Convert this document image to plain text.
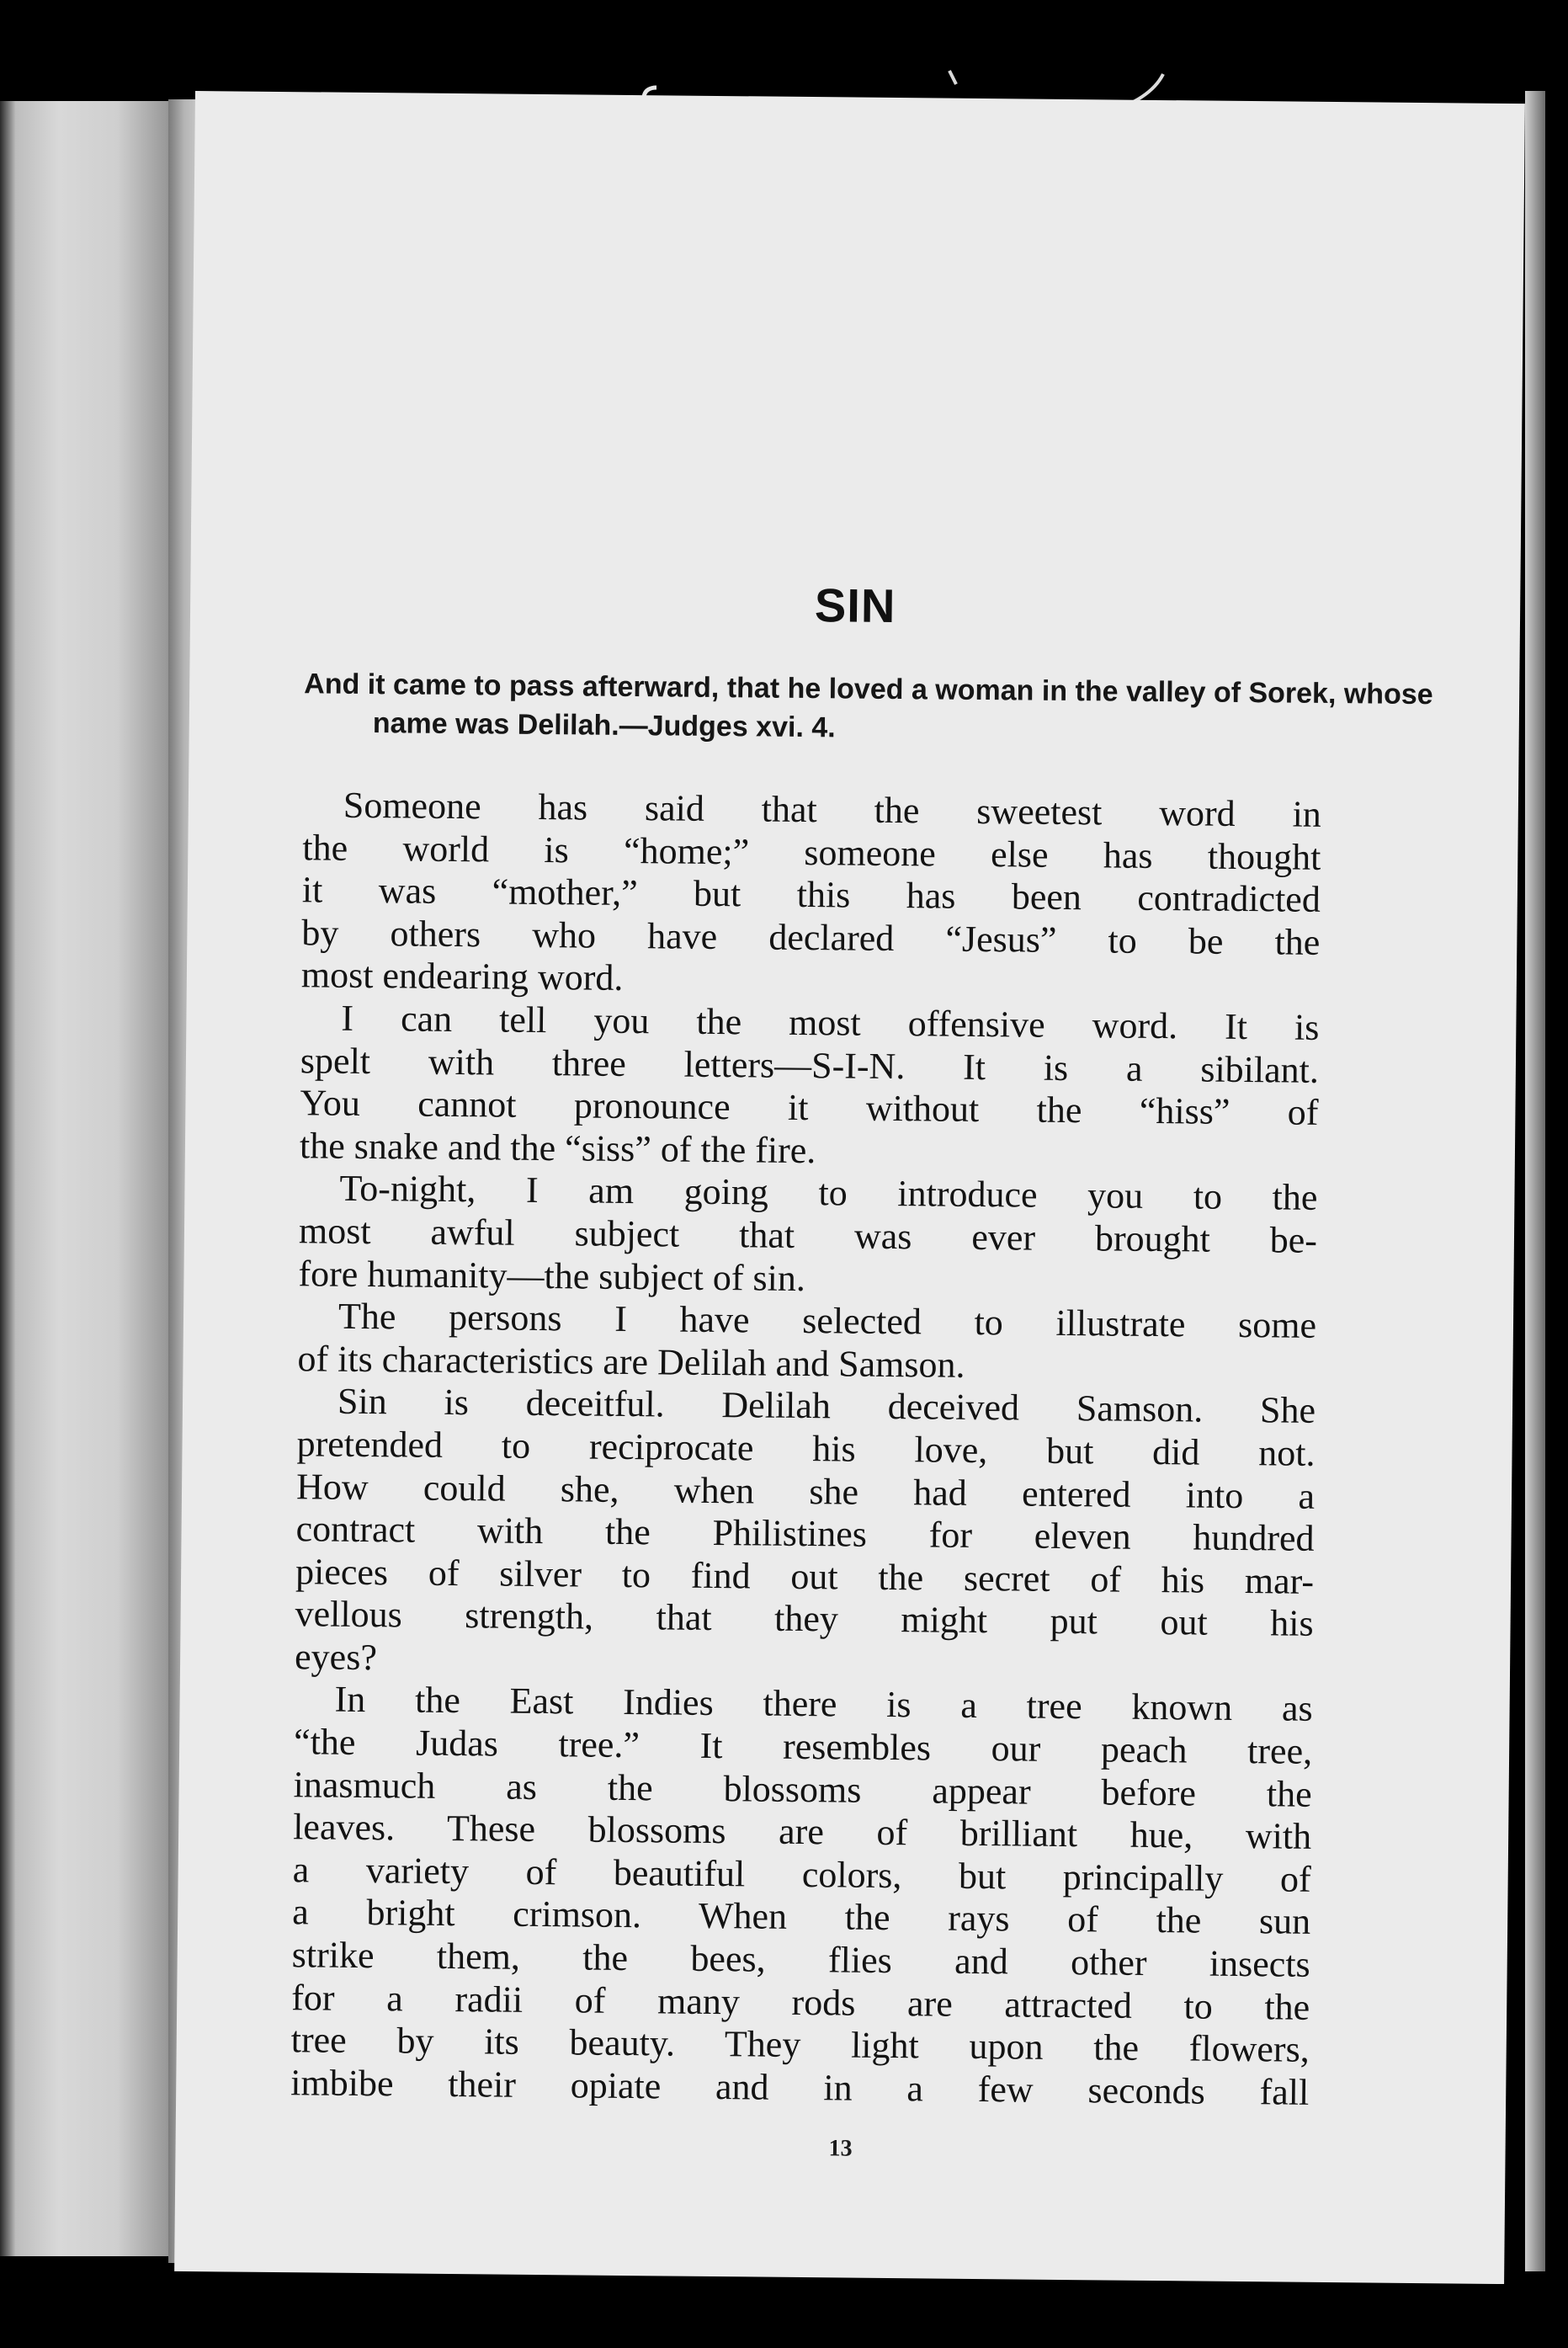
SIN

And it came to pass afterward, that he loved a woman in the valley of Sorek, whose name was Delilah.—Judges xvi. 4.

Someone has said that the sweetest word in
the world is “home;” someone else has thought
it was “mother,” but this has been contradicted
by others who have declared “Jesus” to be the
most endearing word.
I can tell you the most offensive word. It is
spelt with three letters—S-I-N. It is a sibilant.
You cannot pronounce it without the “hiss” of
the snake and the “siss” of the fire.
To-night, I am going to introduce you to the
most awful subject that was ever brought be-
fore humanity—the subject of sin.
The persons I have selected to illustrate some
of its characteristics are Delilah and Samson.
Sin is deceitful. Delilah deceived Samson. She
pretended to reciprocate his love, but did not.
How could she, when she had entered into a
contract with the Philistines for eleven hundred
pieces of silver to find out the secret of his mar-
vellous strength, that they might put out his
eyes?
In the East Indies there is a tree known as
“the Judas tree.” It resembles our peach tree,
inasmuch as the blossoms appear before the
leaves. These blossoms are of brilliant hue, with
a variety of beautiful colors, but principally of
a bright crimson. When the rays of the sun
strike them, the bees, flies and other insects
for a radii of many rods are attracted to the
tree by its beauty. They light upon the flowers,
imbibe their opiate and in a few seconds fall
13
